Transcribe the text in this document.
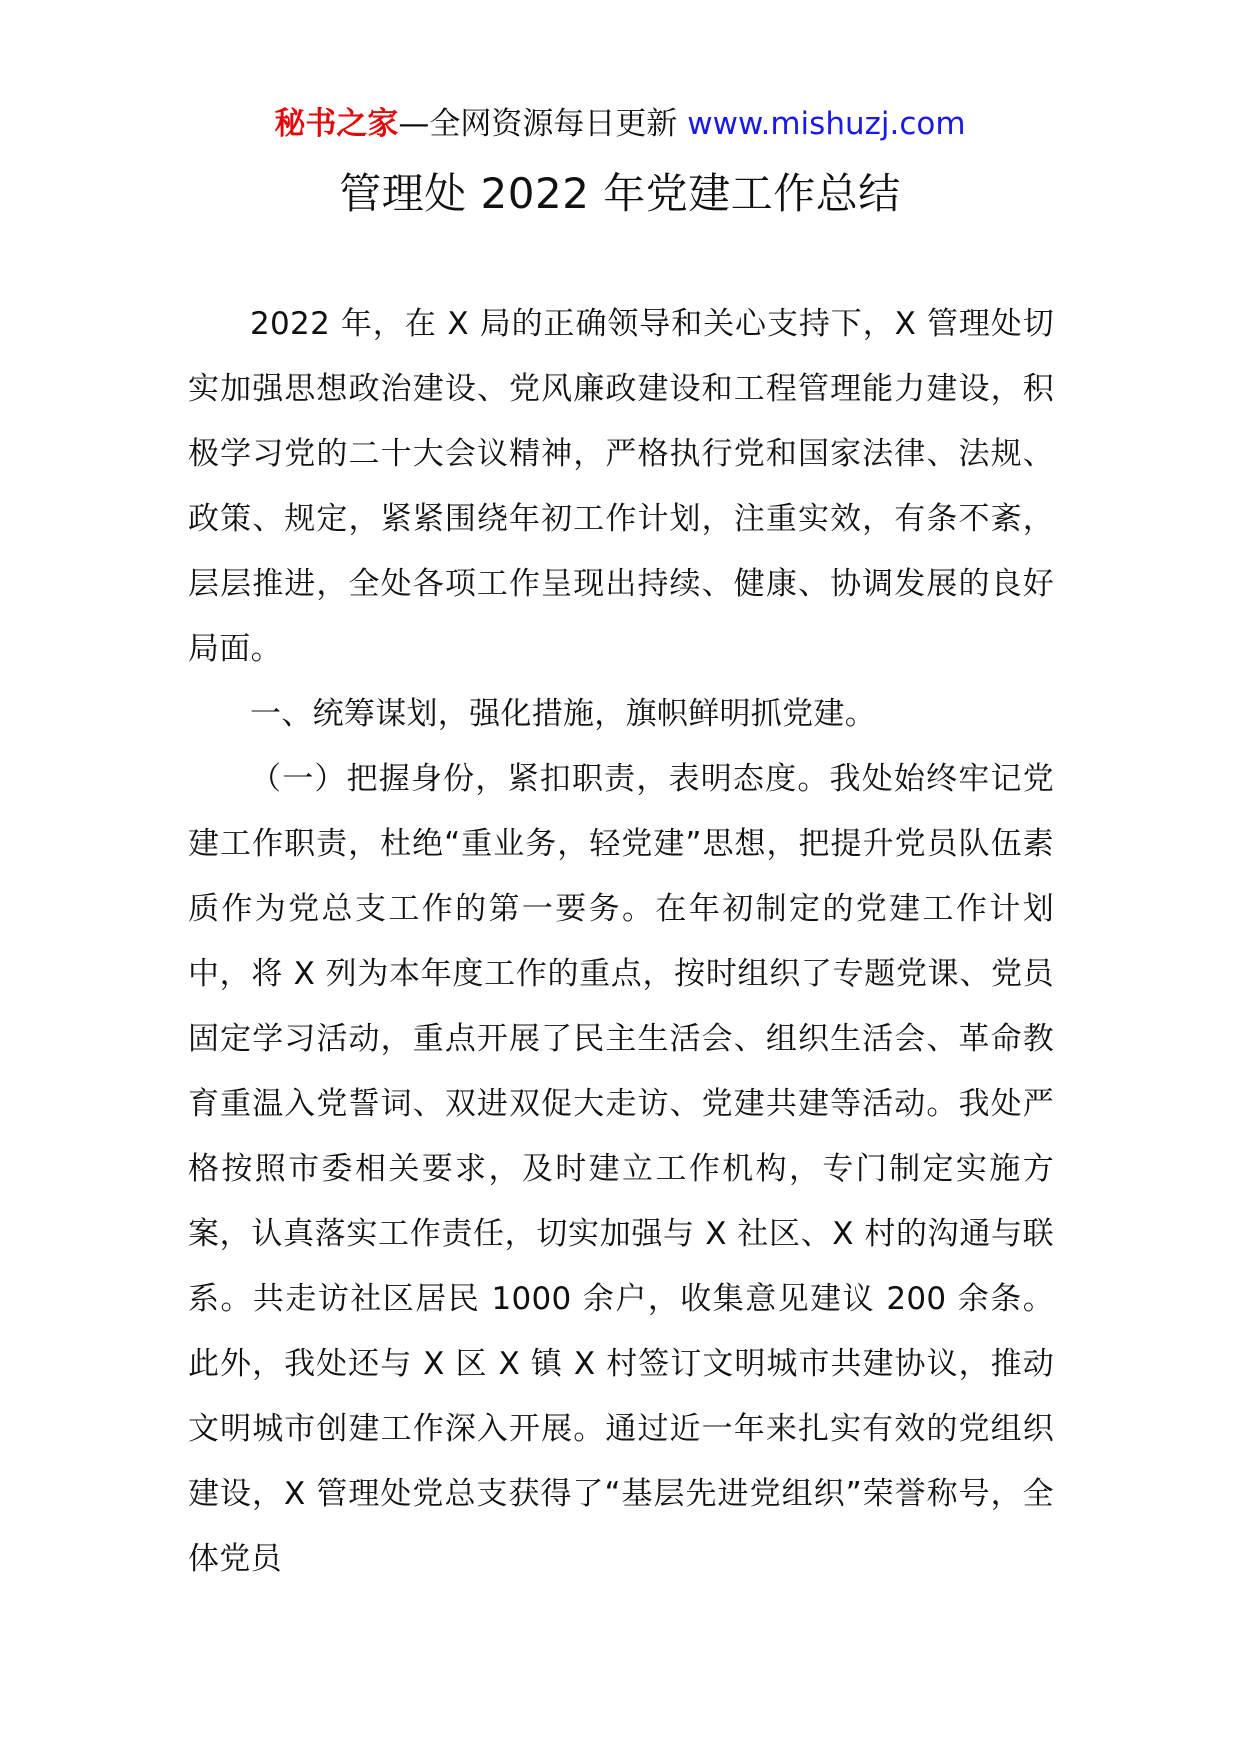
秘书之家—全网资源每日更新 www.mishuzj.com
管理处 2022 年党建工作总结

2022 年，在 X 局的正确领导和关心支持下，X 管理处切实加强思想政治建设、党风廉政建设和工程管理能力建设，积极学习党的二十大会议精神，严格执行党和国家法律、法规、政策、规定，紧紧围绕年初工作计划，注重实效，有条不紊，层层推进，全处各项工作呈现出持续、健康、协调发展的良好局面。

一、统筹谋划，强化措施，旗帜鲜明抓党建。

（一）把握身份，紧扣职责，表明态度。我处始终牢记党建工作职责，杜绝“重业务，轻党建”思想，把提升党员队伍素质作为党总支工作的第一要务。在年初制定的党建工作计划中，将 X 列为本年度工作的重点，按时组织了专题党课、党员固定学习活动，重点开展了民主生活会、组织生活会、革命教育重温入党誓词、双进双促大走访、党建共建等活动。我处严格按照市委相关要求，及时建立工作机构，专门制定实施方案，认真落实工作责任，切实加强与 X 社区、X 村的沟通与联系。共走访社区居民 1000 余户，收集意见建议 200 余条。此外，我处还与 X 区 X 镇 X 村签订文明城市共建协议，推动文明城市创建工作深入开展。通过近一年来扎实有效的党组织建设，X 管理处党总支获得了“基层先进党组织”荣誉称号，全体党员
